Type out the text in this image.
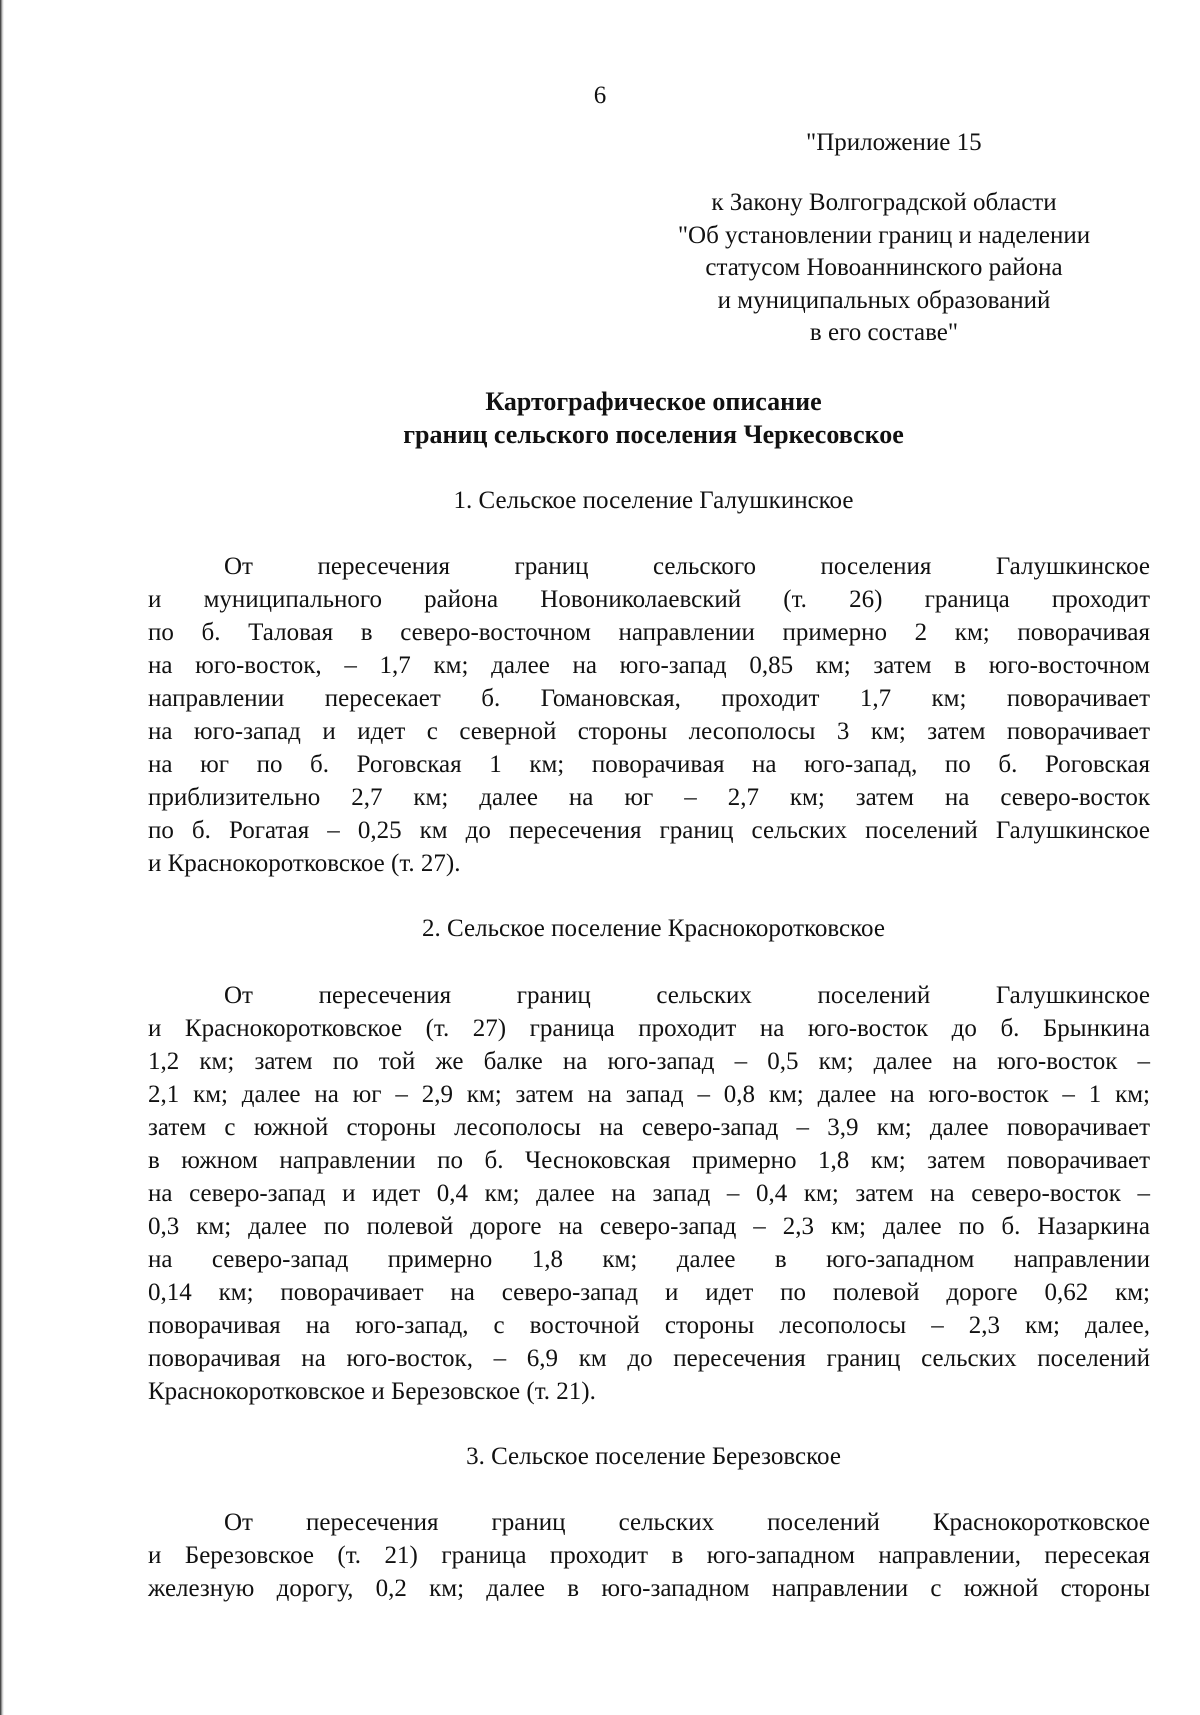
6
"Приложение 15
к Закону Волгоградской области
"Об установлении границ и наделении
статусом Новоаннинского района
и муниципальных образований
в его составе"
Картографическое описание
границ сельского поселения Черкесовское
1. Сельское поселение Галушкинское
От пересечения границ сельского поселения Галушкинское
и муниципального района Новониколаевский (т. 26) граница проходит
по б. Таловая в северо-восточном направлении примерно 2 км; поворачивая
на юго-восток, – 1,7 км; далее на юго-запад 0,85 км; затем в юго-восточном
направлении пересекает б. Гомановская, проходит 1,7 км; поворачивает
на юго-запад и идет с северной стороны лесополосы 3 км; затем поворачивает
на юг по б. Роговская 1 км; поворачивая на юго-запад, по б. Роговская
приблизительно 2,7 км; далее на юг – 2,7 км; затем на северо-восток
по б. Рогатая – 0,25 км до пересечения границ сельских поселений Галушкинское
и Краснокоротковское (т. 27).
2. Сельское поселение Краснокоротковское
От пересечения границ сельских поселений Галушкинское
и Краснокоротковское (т. 27) граница проходит на юго-восток до б. Брынкина
1,2 км; затем по той же балке на юго-запад – 0,5 км; далее на юго-восток –
2,1 км; далее на юг – 2,9 км; затем на запад – 0,8 км; далее на юго-восток – 1 км;
затем с южной стороны лесополосы на северо-запад – 3,9 км; далее поворачивает
в южном направлении по б. Чесноковская примерно 1,8 км; затем поворачивает
на северо-запад и идет 0,4 км; далее на запад – 0,4 км; затем на северо-восток –
0,3 км; далее по полевой дороге на северо-запад – 2,3 км; далее по б. Назаркина
на северо-запад примерно 1,8 км; далее в юго-западном направлении
0,14 км; поворачивает на северо-запад и идет по полевой дороге 0,62 км;
поворачивая на юго-запад, с восточной стороны лесополосы – 2,3 км; далее,
поворачивая на юго-восток, – 6,9 км до пересечения границ сельских поселений
Краснокоротковское и Березовское (т. 21).
3. Сельское поселение Березовское
От пересечения границ сельских поселений Краснокоротковское
и Березовское (т. 21) граница проходит в юго-западном направлении, пересекая
железную дорогу, 0,2 км; далее в юго-западном направлении с южной стороны
